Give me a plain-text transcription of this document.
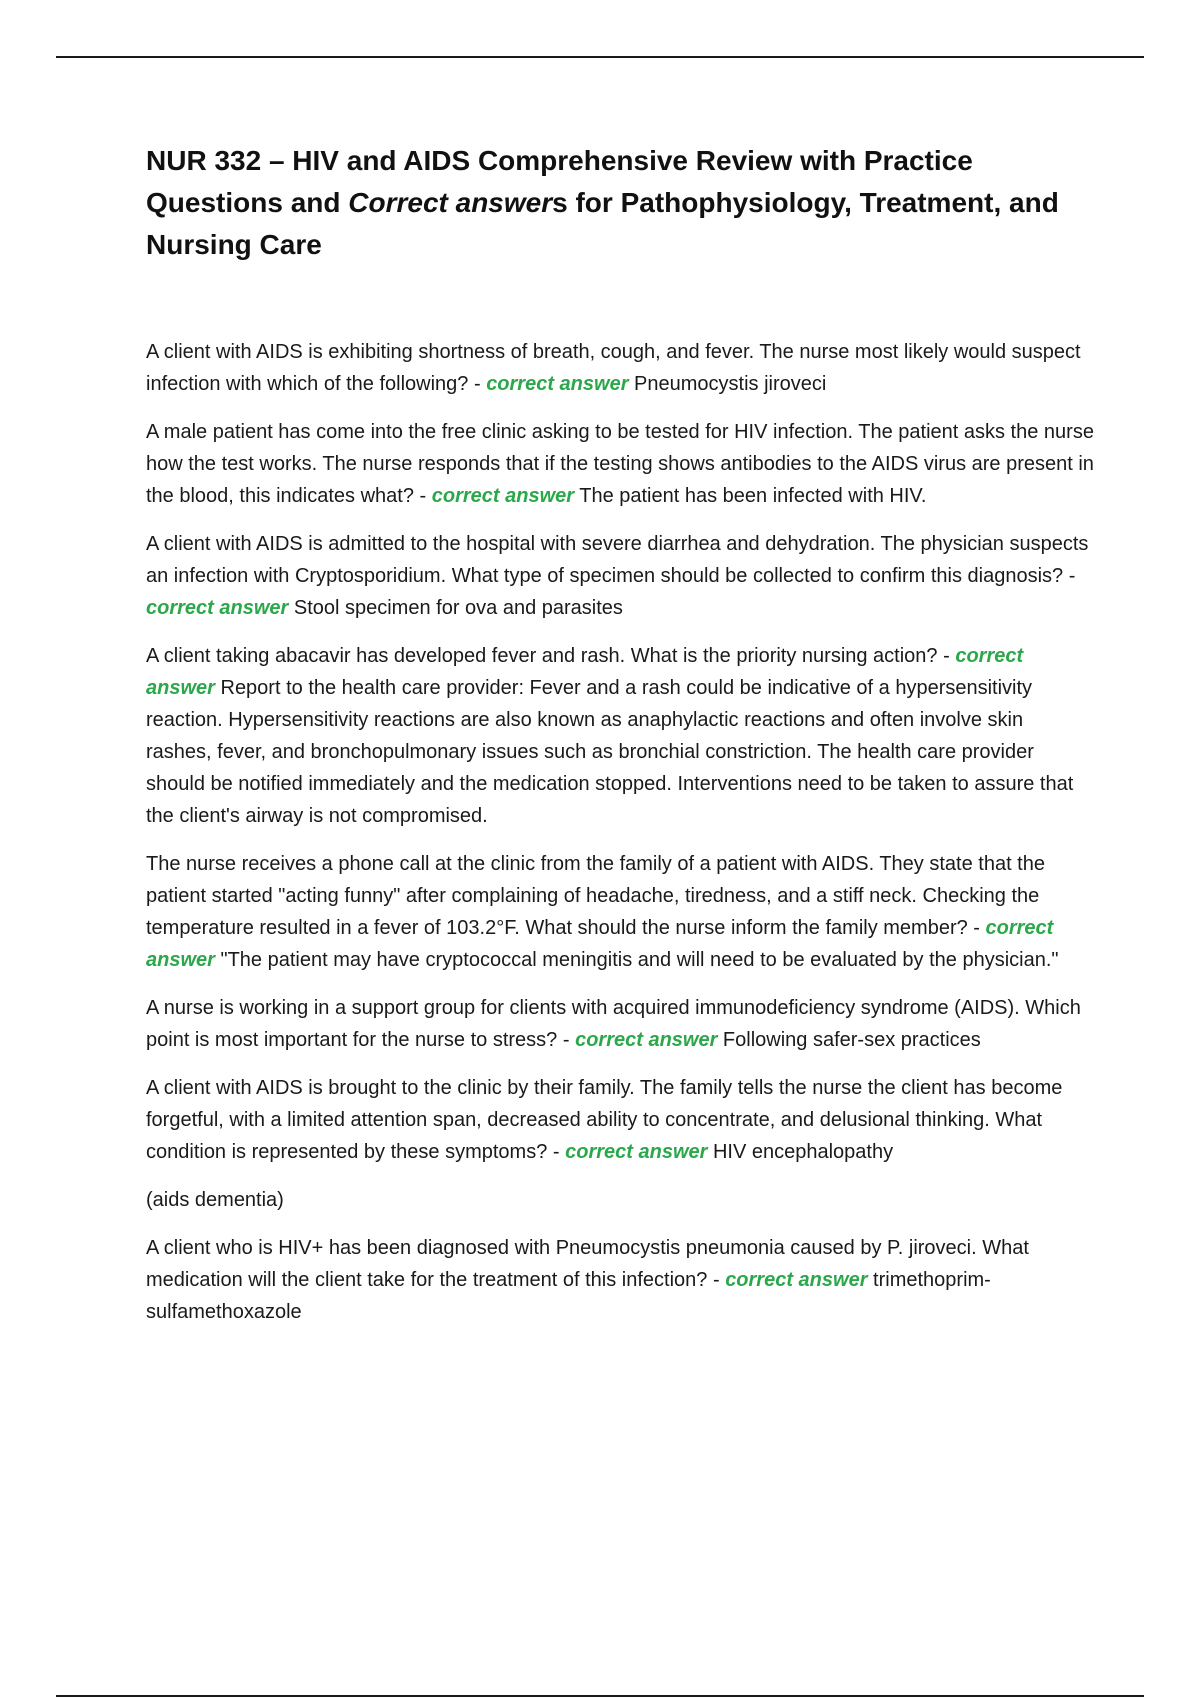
NUR 332 – HIV and AIDS Comprehensive Review with Practice Questions and Correct answers for Pathophysiology, Treatment, and Nursing Care

A client with AIDS is exhibiting shortness of breath, cough, and fever. The nurse most likely would suspect infection with which of the following? - correct answer Pneumocystis jiroveci

A male patient has come into the free clinic asking to be tested for HIV infection. The patient asks the nurse how the test works. The nurse responds that if the testing shows antibodies to the AIDS virus are present in the blood, this indicates what? - correct answer The patient has been infected with HIV.

A client with AIDS is admitted to the hospital with severe diarrhea and dehydration. The physician suspects an infection with Cryptosporidium. What type of specimen should be collected to confirm this diagnosis? - correct answer Stool specimen for ova and parasites

A client taking abacavir has developed fever and rash. What is the priority nursing action? - correct answer Report to the health care provider: Fever and a rash could be indicative of a hypersensitivity reaction. Hypersensitivity reactions are also known as anaphylactic reactions and often involve skin rashes, fever, and bronchopulmonary issues such as bronchial constriction. The health care provider should be notified immediately and the medication stopped. Interventions need to be taken to assure that the client's airway is not compromised.

The nurse receives a phone call at the clinic from the family of a patient with AIDS. They state that the patient started "acting funny" after complaining of headache, tiredness, and a stiff neck. Checking the temperature resulted in a fever of 103.2°F. What should the nurse inform the family member? - correct answer "The patient may have cryptococcal meningitis and will need to be evaluated by the physician."

A nurse is working in a support group for clients with acquired immunodeficiency syndrome (AIDS). Which point is most important for the nurse to stress? - correct answer Following safer-sex practices

A client with AIDS is brought to the clinic by their family. The family tells the nurse the client has become forgetful, with a limited attention span, decreased ability to concentrate, and delusional thinking. What condition is represented by these symptoms? - correct answer HIV encephalopathy

(aids dementia)

A client who is HIV+ has been diagnosed with Pneumocystis pneumonia caused by P. jiroveci. What medication will the client take for the treatment of this infection? - correct answer trimethoprim-sulfamethoxazole
